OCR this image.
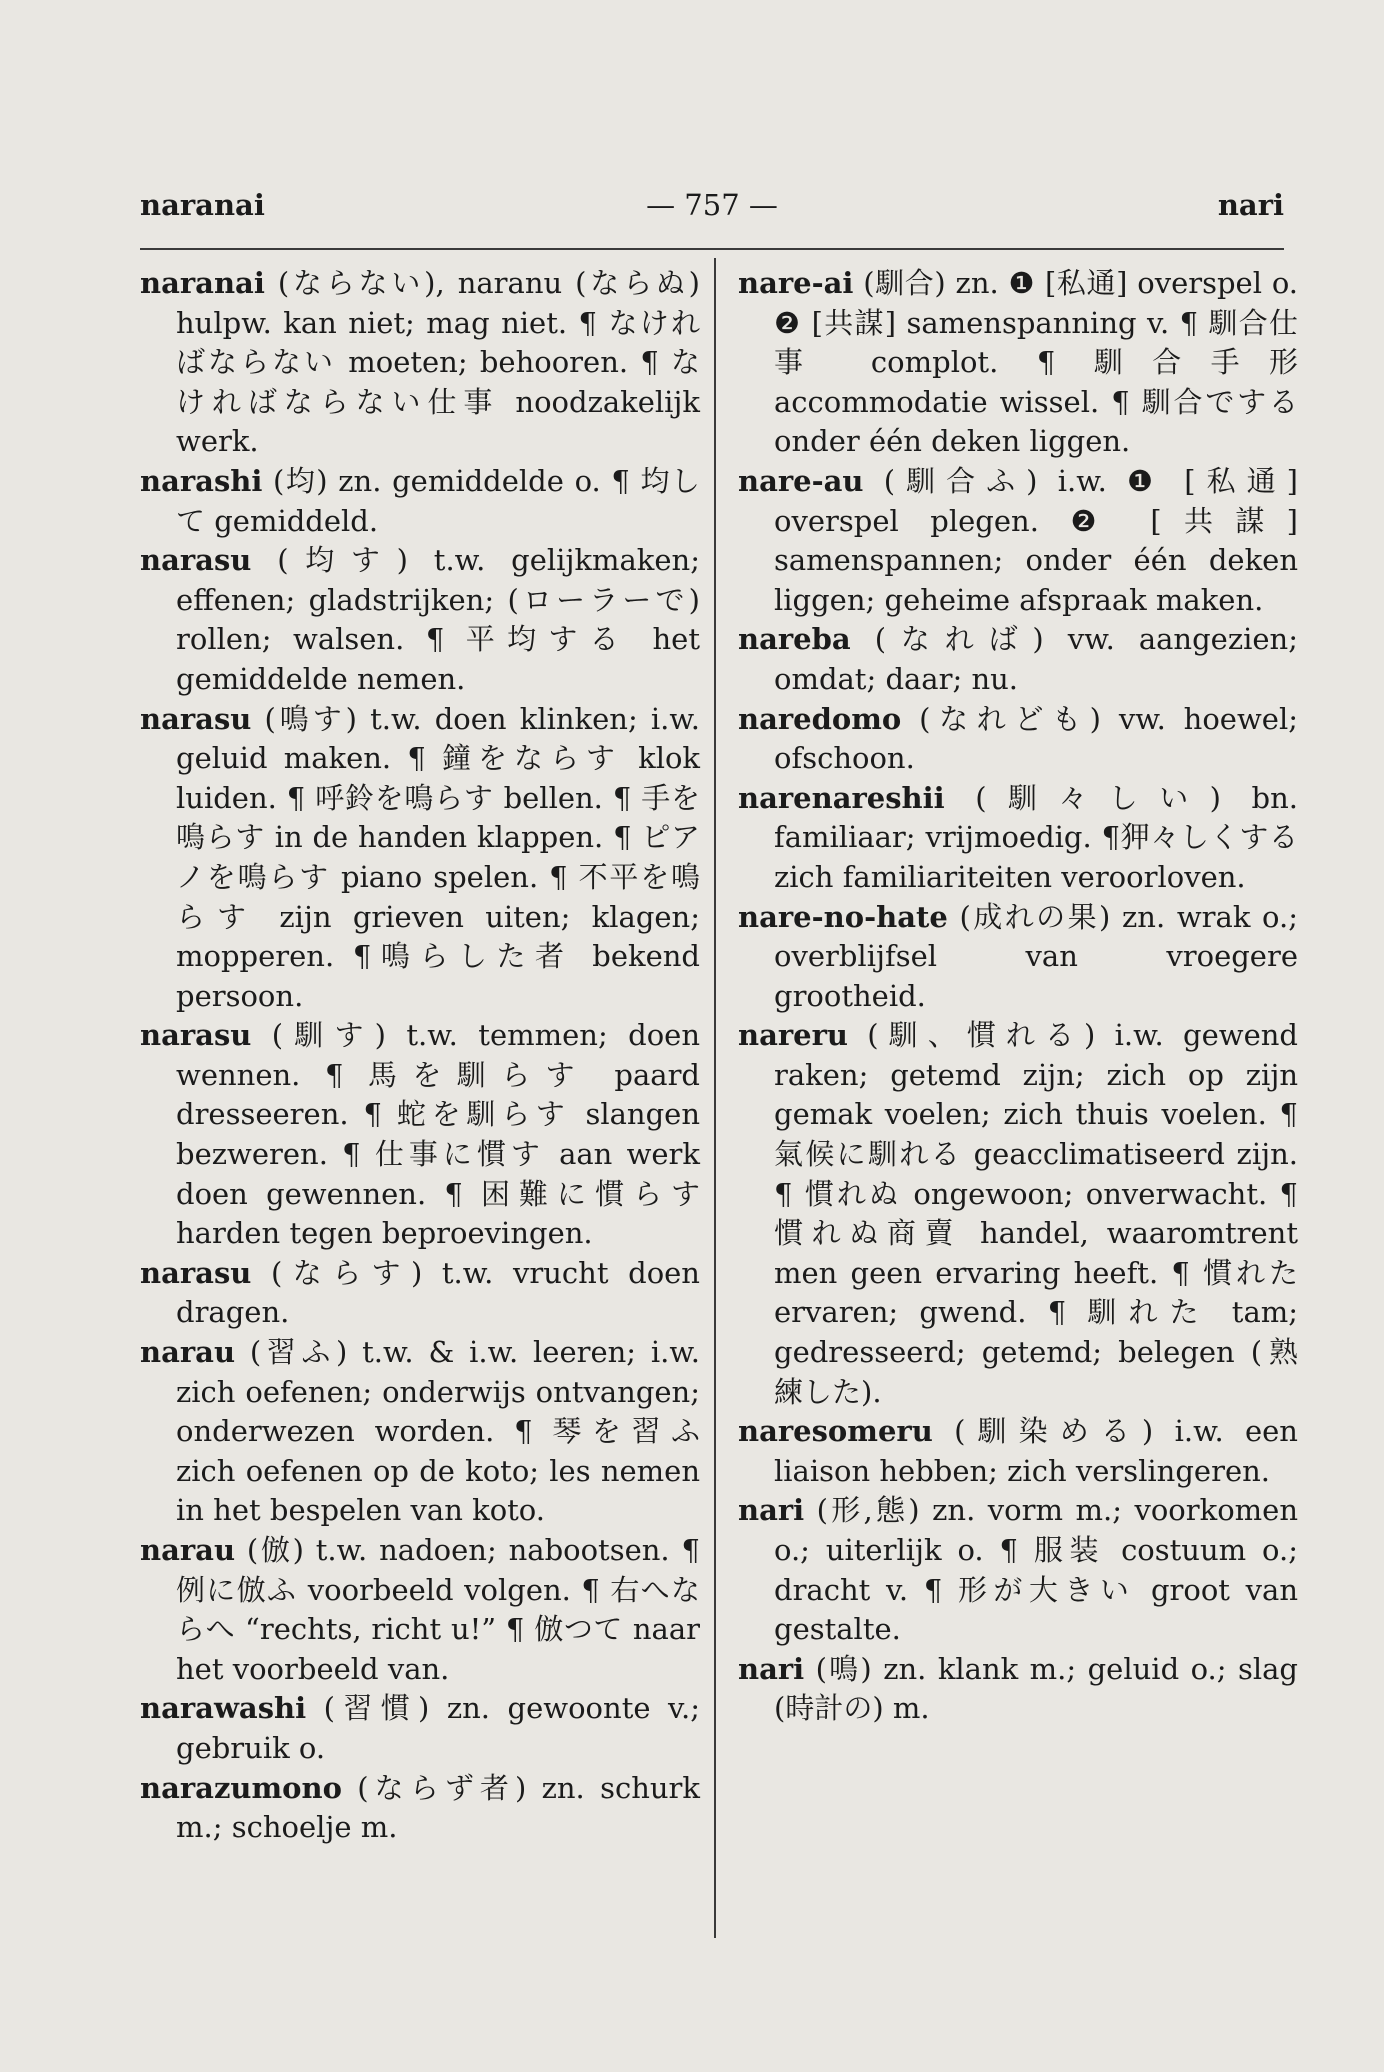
naranai	— 757 —	nari

naranai (ならない), naranu (ならぬ) hulpw. kan niet; mag niet. ¶ なければならない moeten; behooren. ¶ なければならない仕事 noodzakelijk werk.

narashi (均) zn. gemiddelde o. ¶ 均して gemiddeld.

narasu (均す) t.w. gelijkmaken; effenen; gladstrijken; (ローラーで) rollen; walsen. ¶ 平均する het gemiddelde nemen.

narasu (鳴す) t.w. doen klinken; i.w. geluid maken. ¶ 鐘をならす klok luiden. ¶ 呼鈴を鳴らす bellen. ¶ 手を鳴らす in de handen klappen. ¶ ピアノを鳴らす piano spelen. ¶ 不平を鳴らす zijn grieven uiten; klagen; mopperen. ¶鳴らした者 bekend persoon.

narasu (馴す) t.w. temmen; doen wennen. ¶ 馬を馴らす paard dresseeren. ¶ 蛇を馴らす slangen bezweren. ¶ 仕事に慣す aan werk doen gewennen. ¶ 困難に慣らす harden tegen beproevingen.

narasu (ならす) t.w. vrucht doen dragen.

narau (習ふ) t.w. & i.w. leeren; i.w. zich oefenen; onderwijs ontvangen; onderwezen worden. ¶ 琴を習ふ zich oefenen op de koto; les nemen in het bespelen van koto.

narau (倣) t.w. nadoen; nabootsen. ¶ 例に倣ふ voorbeeld volgen. ¶ 右へならへ “rechts, richt u!” ¶ 倣つて naar het voorbeeld van.

narawashi (習慣) zn. gewoonte v.; gebruik o.

narazumono (ならず者) zn. schurk m.; schoelje m.

nare-ai (馴合) zn. ❶ [私通] overspel o. ❷ [共謀] samenspanning v. ¶ 馴合仕事 complot. ¶ 馴合手形 accommodatie wissel. ¶ 馴合でする onder één deken liggen.

nare-au (馴合ふ) i.w. ❶ [私通] overspel plegen. ❷ [共謀] samenspannen; onder één deken liggen; geheime afspraak maken.

nareba (なれば) vw. aangezien; omdat; daar; nu.

naredomo (なれども) vw. hoewel; ofschoon.

narenareshii (馴々しい) bn. familiaar; vrijmoedig. ¶狎々しくする zich familiariteiten veroorloven.

nare-no-hate (成れの果) zn. wrak o.; overblijfsel van vroegere grootheid.

nareru (馴、慣れる) i.w. gewend raken; getemd zijn; zich op zijn gemak voelen; zich thuis voelen. ¶ 氣候に馴れる geacclimatiseerd zijn. ¶ 慣れぬ ongewoon; onverwacht. ¶ 慣れぬ商賣 handel, waaromtrent men geen ervaring heeft. ¶ 慣れた ervaren; gwend. ¶ 馴れた tam; gedresseerd; getemd; belegen (熟練した).

naresomeru (馴染める) i.w. een liaison hebben; zich verslingeren.

nari (形,態) zn. vorm m.; voorkomen o.; uiterlijk o. ¶ 服装 costuum o.; dracht v. ¶ 形が大きい groot van gestalte.

nari (鳴) zn. klank m.; geluid o.; slag (時計の) m.
